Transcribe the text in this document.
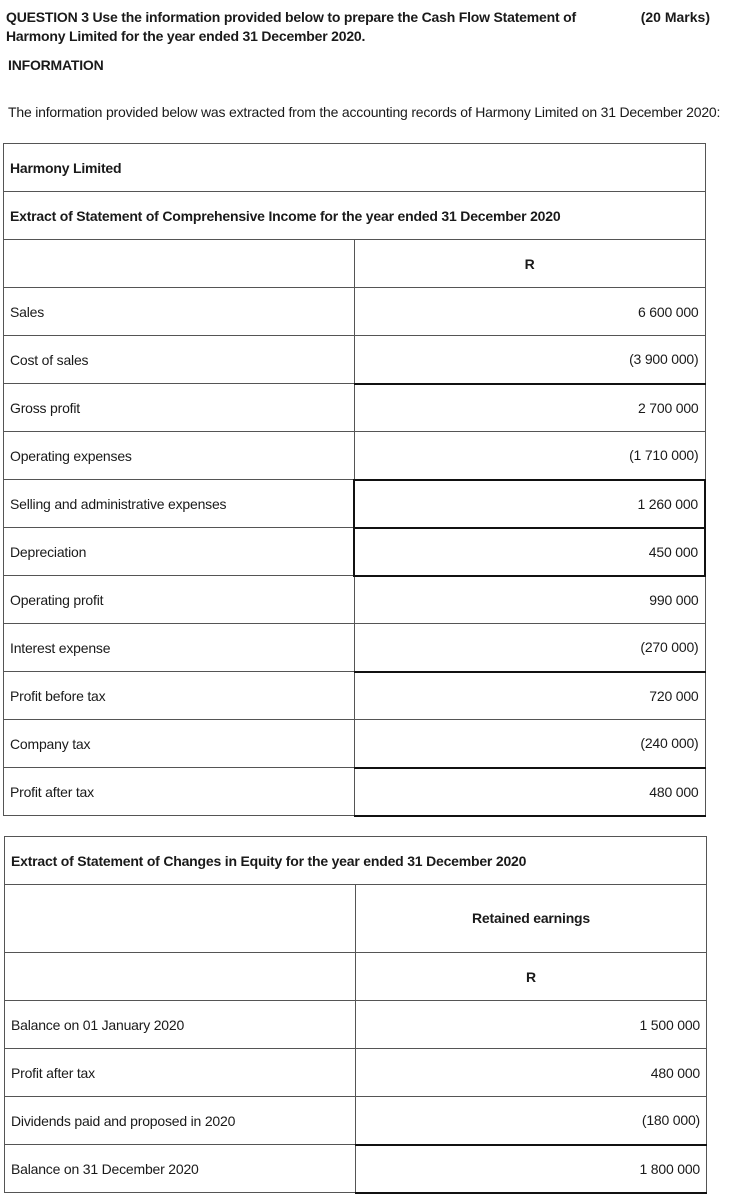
QUESTION 3 Use the information provided below to prepare the Cash Flow Statement of Harmony Limited for the year ended 31 December 2020.
(20 Marks)
INFORMATION
The information provided below was extracted from the accounting records of Harmony Limited on 31 December 2020:
Harmony Limited	
Extract of Statement of Comprehensive Income for the year ended 31 December 2020	
	R
Sales	6 600 000
Cost of sales	(3 900 000)
Gross profit	2 700 000
Operating expenses	(1 710 000)
Selling and administrative expenses	1 260 000
Depreciation	450 000
Operating profit	990 000
Interest expense	(270 000)
Profit before tax	720 000
Company tax	(240 000)
Profit after tax	480 000
Extract of Statement of Changes in Equity for the year ended 31 December 2020	
	Retained earnings
	R
Balance on 01 January 2020	1 500 000
Profit after tax	480 000
Dividends paid and proposed in 2020	(180 000)
Balance on 31 December 2020	1 800 000
